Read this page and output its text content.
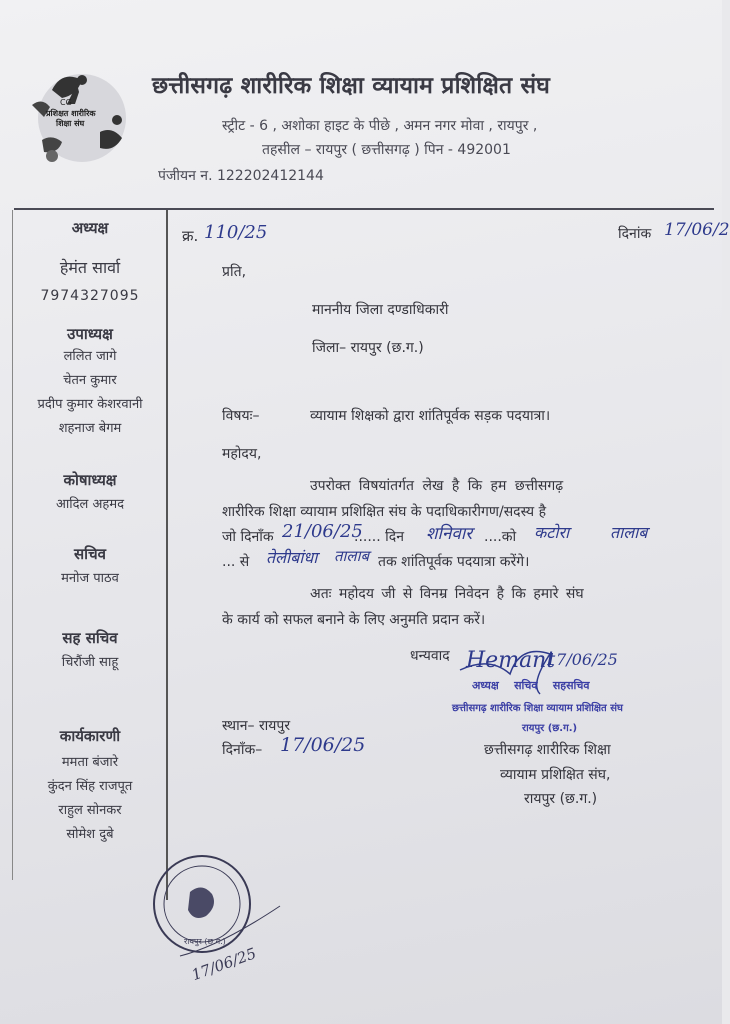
CG
प्रशिक्षत शारीरिक
शिक्षा संघ
छत्तीसगढ़ शारीरिक शिक्षा व्यायाम प्रशिक्षित संघ
स्ट्रीट - 6 , अशोका हाइट के पीछे , अमन नगर मोवा , रायपुर ,
तहसील – रायपुर ( छत्तीसगढ़ ) पिन - 492001
पंजीयन न. 122202412144
अध्यक्ष
हेमंत सार्वा
7974327095
उपाध्यक्ष
ललित जागे
चेतन कुमार
प्रदीप कुमार केशरवानी
शहनाज बेगम
कोषाध्यक्ष
आदिल अहमद
सचिव
मनोज पाठव
सह सचिव
चिरौंजी साहू
कार्यकारणी
ममता बंजारे
कुंदन सिंह राजपूत
राहुल सोनकर
सोमेश दुबे
क्र. 110/25	दिनांक 17/06/2
प्रति,
माननीय जिला दण्डाधिकारी
जिला– रायपुर (छ.ग.)
विषयः–	व्यायाम शिक्षको द्वारा शांतिपूर्वक सड़क पदयात्रा।
महोदय,
उपरोक्त विषयांतर्गत लेख है कि हम छत्तीसगढ़
शारीरिक शिक्षा व्यायाम प्रशिक्षित संघ के पदाधिकारीगण/सदस्य है
जो दिनाँक 21/06/25
...... दिन शनिवार ....को कटोरा	तालाब
... से तेलीबांधा तालाब तक शांतिपूर्वक पदयात्रा करेंगे।
अतः महोदय जी से विनम्र निवेदन है कि हमारे संघ
के कार्य को सफल बनाने के लिए अनुमति प्रदान करें।
धन्यवाद Hemant
17/06/25
अध्यक्ष    सचिव    सहसचिव
छत्तीसगढ़ शारीरिक शिक्षा व्यायाम प्रशिक्षित संघ
रायपुर (छ.ग.)
स्थान– रायपुर
दिनाँक– 17/06/25	छत्तीसगढ़ शारीरिक शिक्षा
व्यायाम प्रशिक्षित संघ,
रायपुर (छ.ग.)
रायपुर (छ.ग.)
17/06/25
